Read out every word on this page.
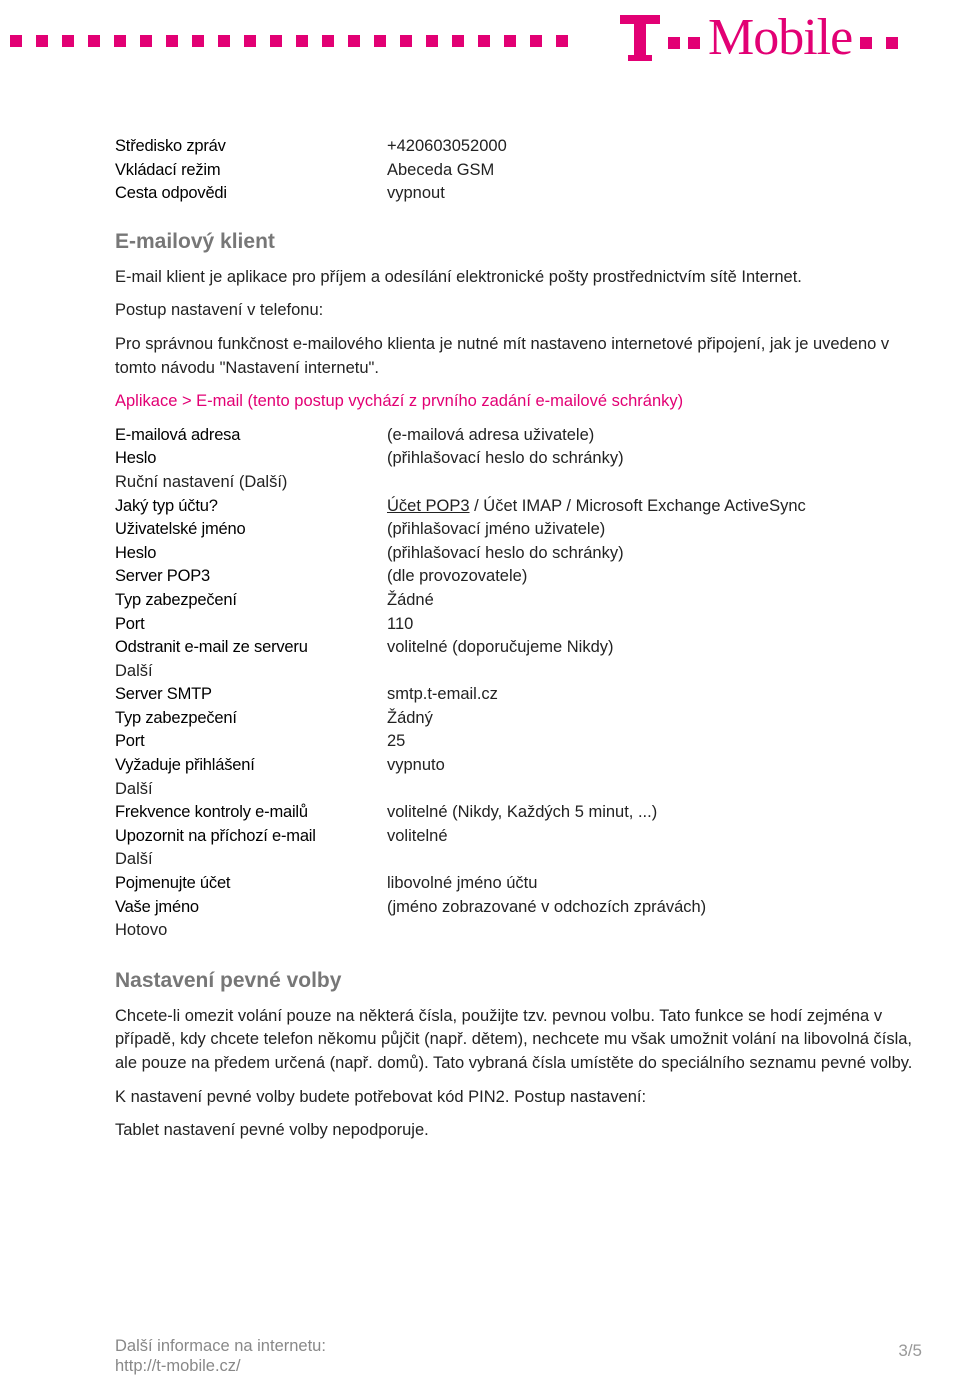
Mobile
Středisko zpráv	+420603052000
Vkládací režim	Abeceda GSM
Cesta odpovědi	vypnout
E-mailový klient

E-mail klient je aplikace pro příjem a odesílání elektronické pošty prostřednictvím sítě Internet.

Postup nastavení v telefonu:

Pro správnou funkčnost e-mailového klienta je nutné mít nastaveno internetové připojení, jak je uvedeno v tomto návodu "Nastavení internetu".

Aplikace > E-mail (tento postup vychází z prvního zadání e-mailové schránky)

E-mailová adresa	(e-mailová adresa uživatele)
Heslo	(přihlašovací heslo do schránky)
Ruční nastavení (Další)
Jaký typ účtu?	Účet POP3 / Účet IMAP / Microsoft Exchange ActiveSync
Uživatelské jméno	(přihlašovací jméno uživatele)
Heslo	(přihlašovací heslo do schránky)
Server POP3	(dle provozovatele)
Typ zabezpečení	Žádné
Port	110
Odstranit e-mail ze serveru	volitelné (doporučujeme Nikdy)
Další
Server SMTP	smtp.t-email.cz
Typ zabezpečení	Žádný
Port	25
Vyžaduje přihlášení	vypnuto
Další
Frekvence kontroly e-mailů	volitelné (Nikdy, Každých 5 minut, ...)
Upozornit na příchozí e-mail	volitelné
Další
Pojmenujte účet	libovolné jméno účtu
Vaše jméno	(jméno zobrazované v odchozích zprávách)
Hotovo
Nastavení pevné volby

Chcete-li omezit volání pouze na některá čísla, použijte tzv. pevnou volbu. Tato funkce se hodí zejména v případě, kdy chcete telefon někomu půjčit (např. dětem), nechcete mu však umožnit volání na libovolná čísla, ale pouze na předem určená (např. domů). Tato vybraná čísla umístěte do speciálního seznamu pevné volby.

K nastavení pevné volby budete potřebovat kód PIN2. Postup nastavení:

Tablet nastavení pevné volby nepodporuje.

Další informace na internetu:
http://t-mobile.cz/
3/5
